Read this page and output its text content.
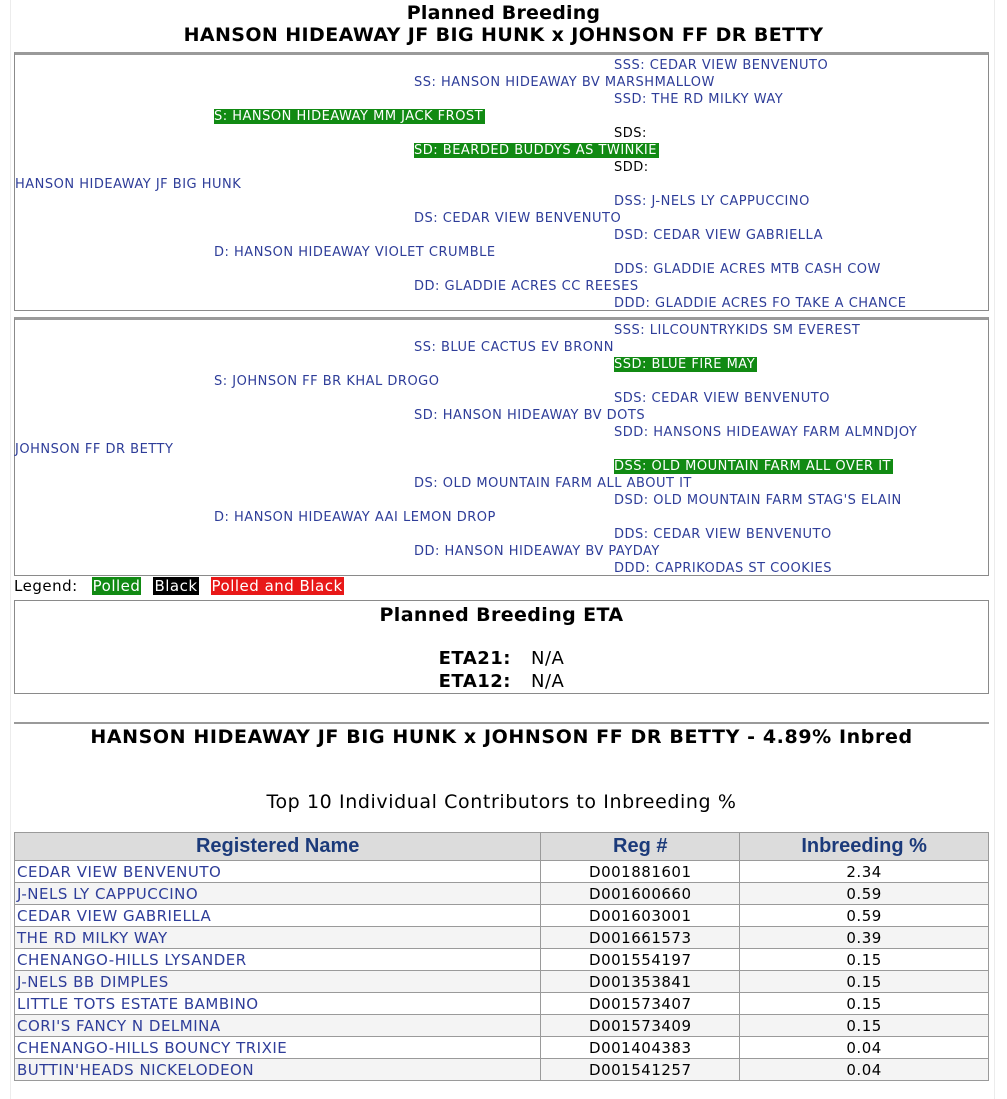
Planned Breeding
HANSON HIDEAWAY JF BIG HUNK x JOHNSON FF DR BETTY
HANSON HIDEAWAY JF BIG HUNK
S: HANSON HIDEAWAY MM JACK FROST
D: HANSON HIDEAWAY VIOLET CRUMBLE
SS: HANSON HIDEAWAY BV MARSHMALLOW
SD: BEARDED BUDDYS AS TWINKIE
DS: CEDAR VIEW BENVENUTO
DD: GLADDIE ACRES CC REESES
SSS: CEDAR VIEW BENVENUTO
SSD: THE RD MILKY WAY
SDS:
SDD:
DSS: J-NELS LY CAPPUCCINO
DSD: CEDAR VIEW GABRIELLA
DDS: GLADDIE ACRES MTB CASH COW
DDD: GLADDIE ACRES FO TAKE A CHANCE
JOHNSON FF DR BETTY
S: JOHNSON FF BR KHAL DROGO
D: HANSON HIDEAWAY AAI LEMON DROP
SS: BLUE CACTUS EV BRONN
SD: HANSON HIDEAWAY BV DOTS
DS: OLD MOUNTAIN FARM ALL ABOUT IT
DD: HANSON HIDEAWAY BV PAYDAY
SSS: LILCOUNTRYKIDS SM EVEREST
SSD: BLUE FIRE MAY
SDS: CEDAR VIEW BENVENUTO
SDD: HANSONS HIDEAWAY FARM ALMNDJOY
DSS: OLD MOUNTAIN FARM ALL OVER IT
DSD: OLD MOUNTAIN FARM STAG'S ELAIN
DDS: CEDAR VIEW BENVENUTO
DDD: CAPRIKODAS ST COOKIES
Legend: Polled Black Polled and Black
Planned Breeding ETA
ETA21: N/A
ETA12: N/A
HANSON HIDEAWAY JF BIG HUNK x JOHNSON FF DR BETTY - 4.89% Inbred
Top 10 Individual Contributors to Inbreeding %
Registered Name	Reg #	Inbreeding %
CEDAR VIEW BENVENUTO	D001881601	2.34
J-NELS LY CAPPUCCINO	D001600660	0.59
CEDAR VIEW GABRIELLA	D001603001	0.59
THE RD MILKY WAY	D001661573	0.39
CHENANGO-HILLS LYSANDER	D001554197	0.15
J-NELS BB DIMPLES	D001353841	0.15
LITTLE TOTS ESTATE BAMBINO	D001573407	0.15
CORI'S FANCY N DELMINA	D001573409	0.15
CHENANGO-HILLS BOUNCY TRIXIE	D001404383	0.04
BUTTIN'HEADS NICKELODEON	D001541257	0.04
